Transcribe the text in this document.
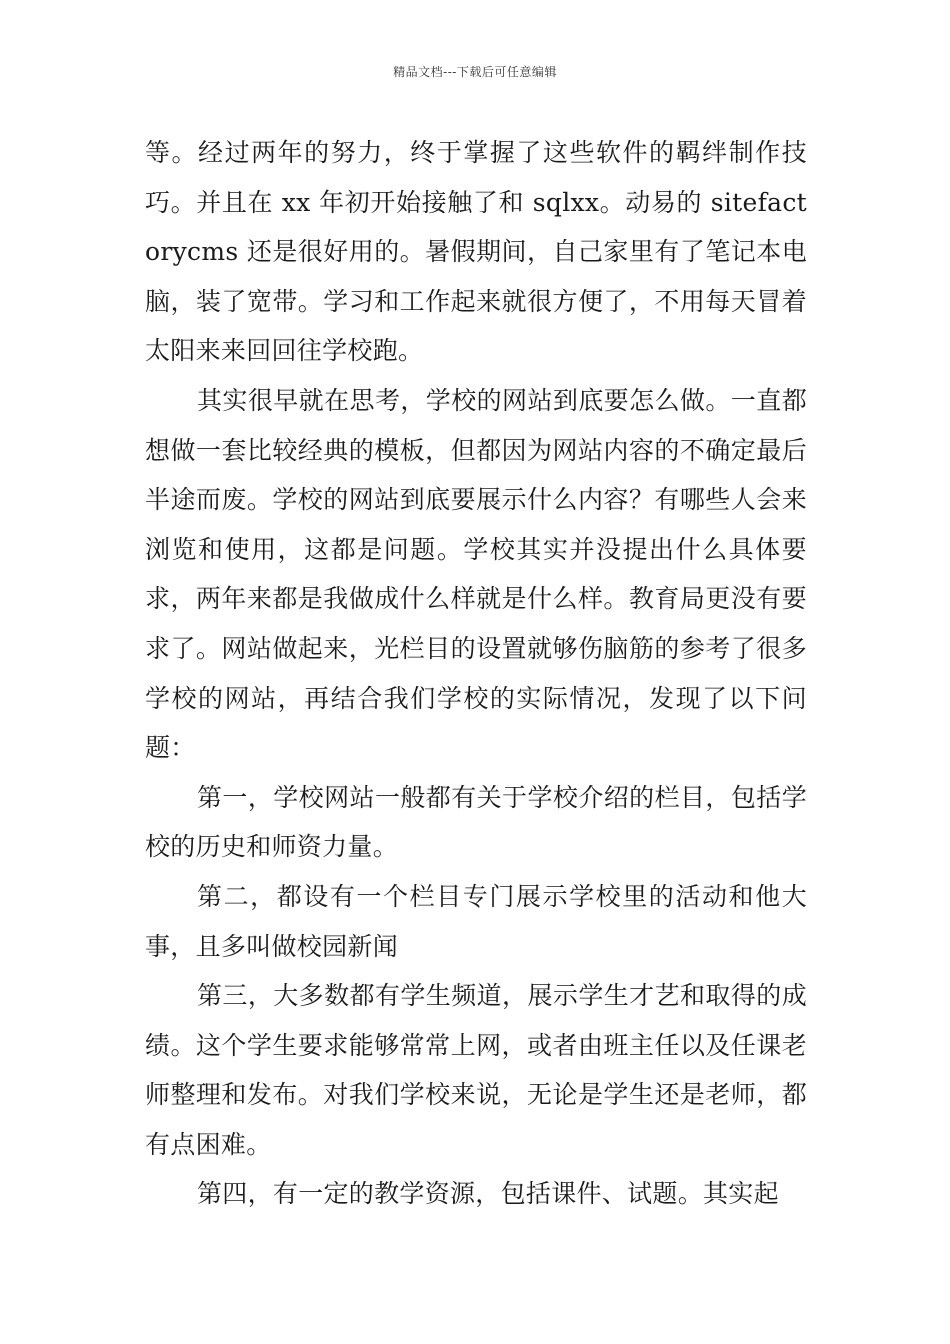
精品文档---下载后可任意编辑

等。经过两年的努力，终于掌握了这些软件的羁绊制作技巧。并且在 xx 年初开始接触了和 sqlxx。动易的 sitefactorycms 还是很好用的。暑假期间，自己家里有了笔记本电脑，装了宽带。学习和工作起来就很方便了，不用每天冒着太阳来来回回往学校跑。

其实很早就在思考，学校的网站到底要怎么做。一直都想做一套比较经典的模板，但都因为网站内容的不确定最后半途而废。学校的网站到底要展示什么内容？有哪些人会来浏览和使用，这都是问题。学校其实并没提出什么具体要求，两年来都是我做成什么样就是什么样。教育局更没有要求了。网站做起来，光栏目的设置就够伤脑筋的参考了很多学校的网站，再结合我们学校的实际情况，发现了以下问题：

第一，学校网站一般都有关于学校介绍的栏目，包括学校的历史和师资力量。

第二，都设有一个栏目专门展示学校里的活动和他大事，且多叫做校园新闻

第三，大多数都有学生频道，展示学生才艺和取得的成绩。这个学生要求能够常常上网，或者由班主任以及任课老师整理和发布。对我们学校来说，无论是学生还是老师，都有点困难。

第四，有一定的教学资源，包括课件、试题。其实起
